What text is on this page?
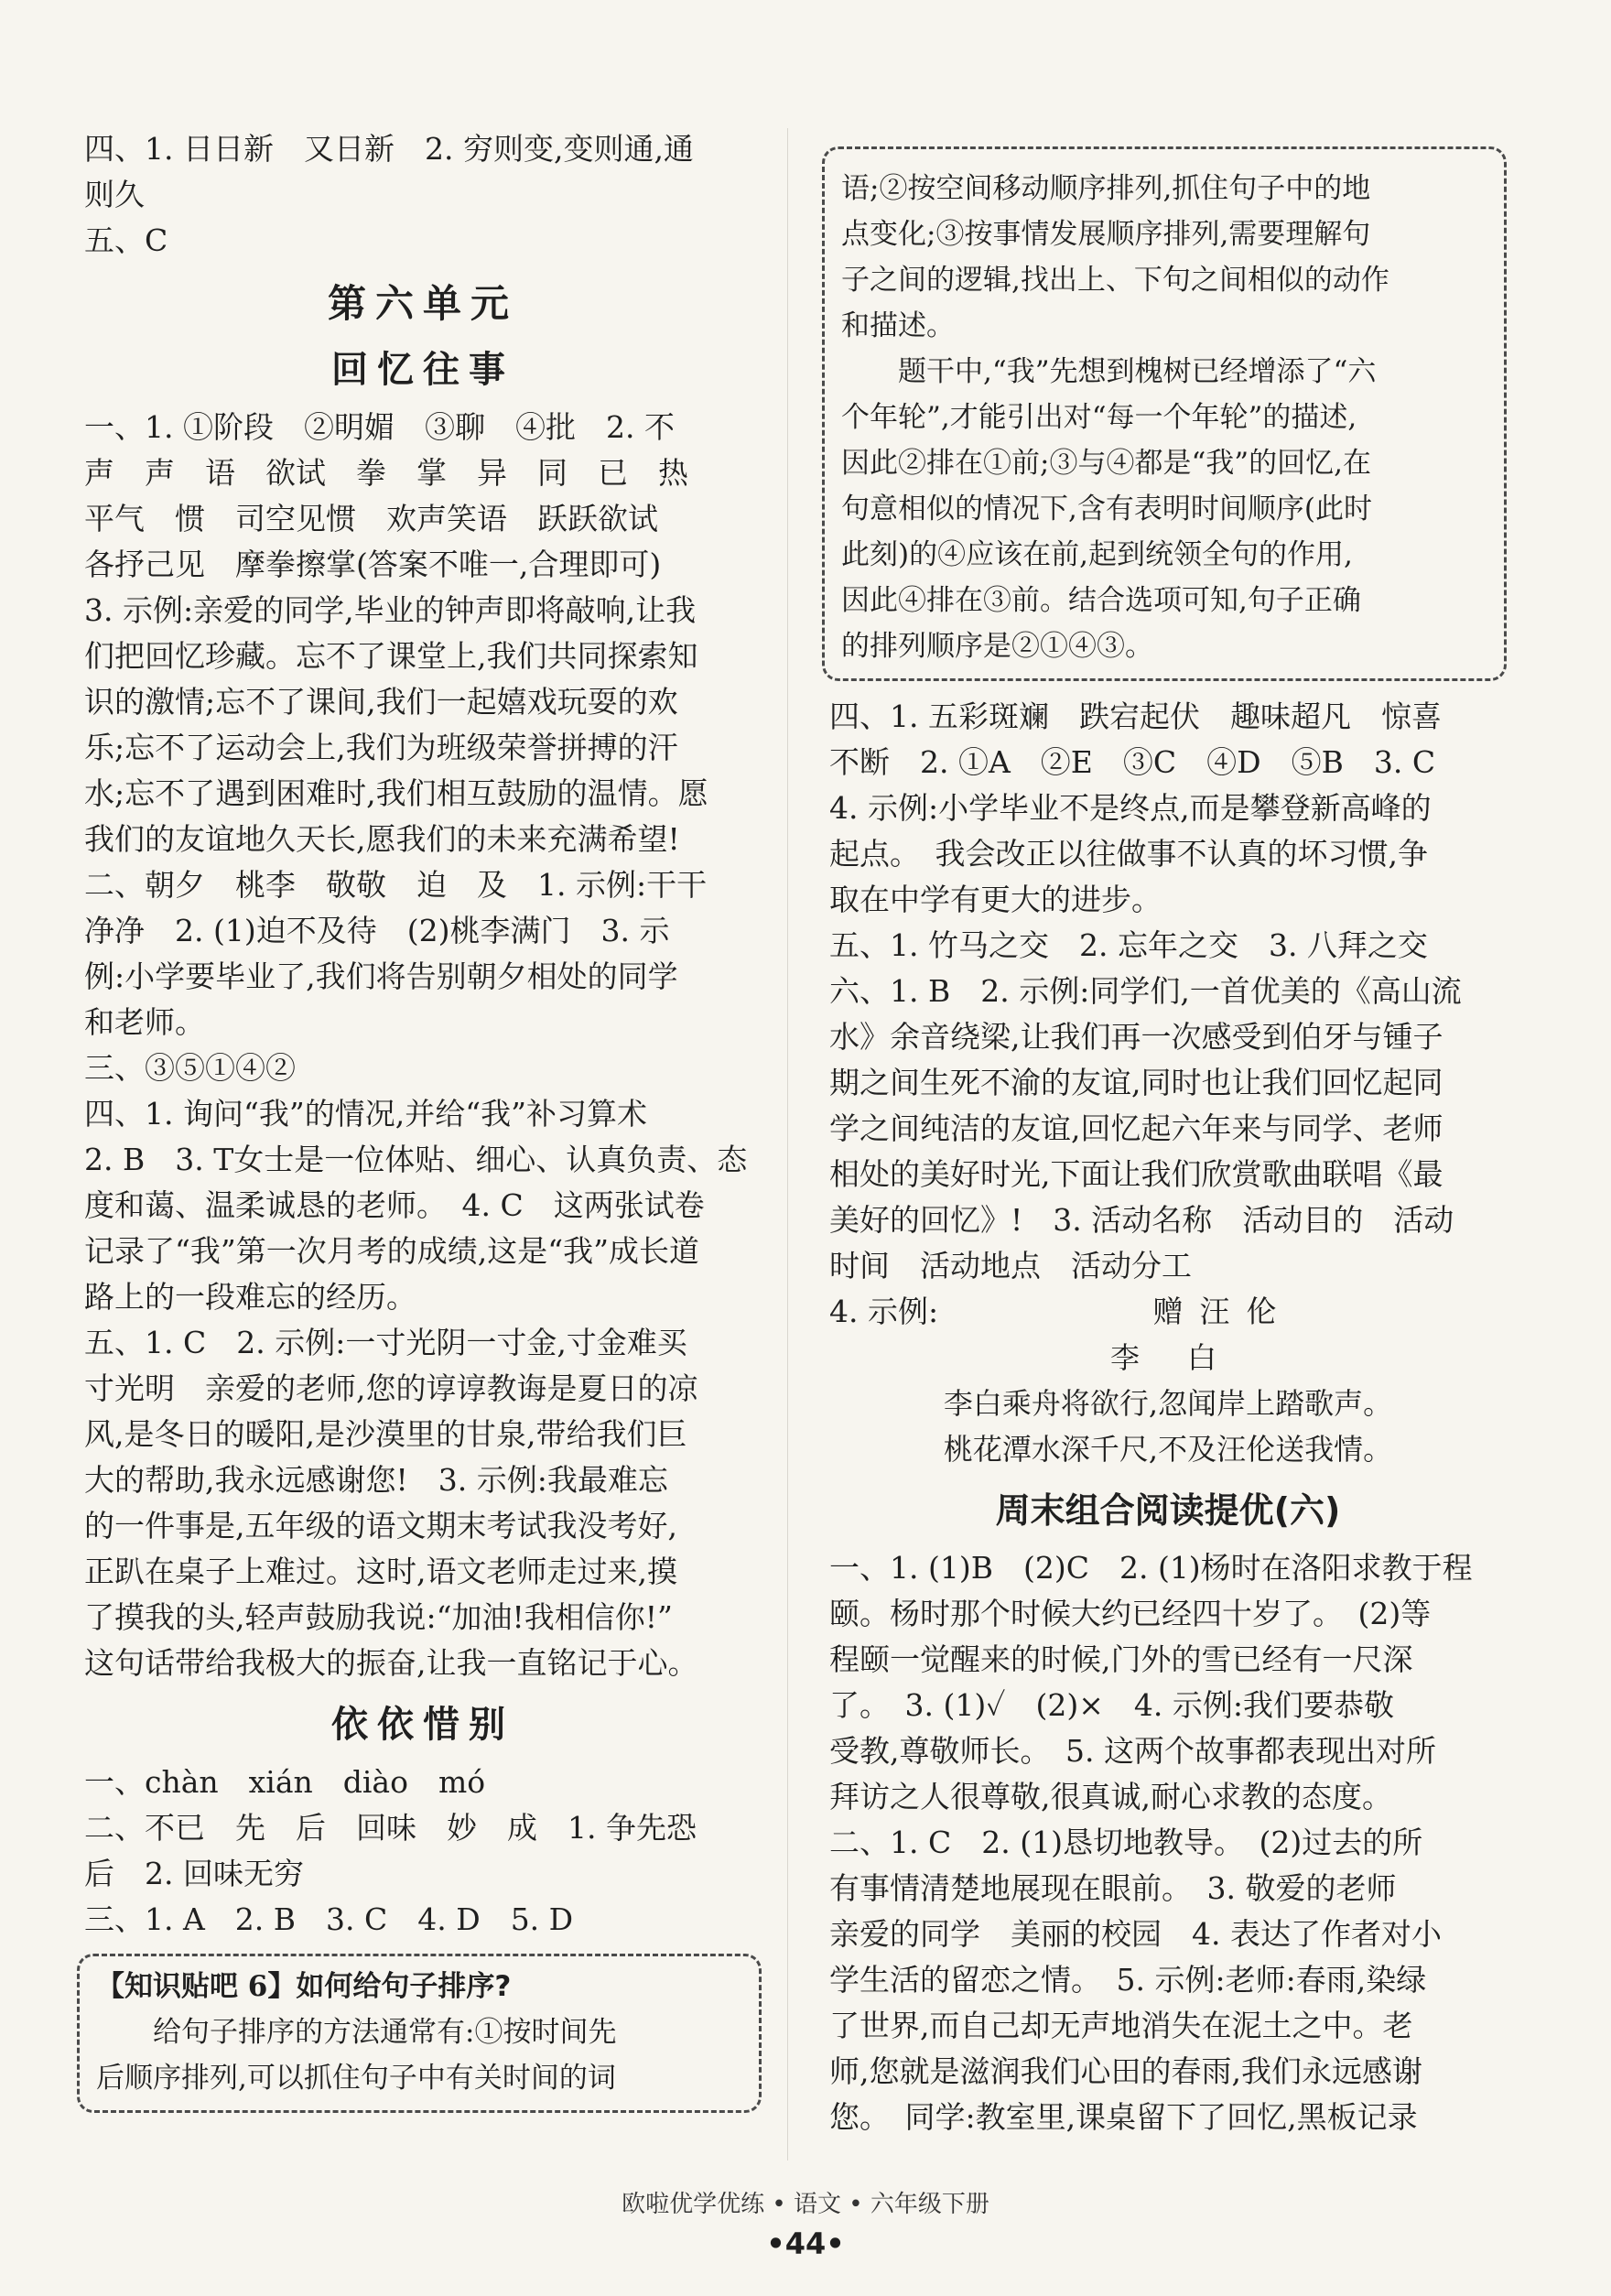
四、1. 日日新　又日新　2. 穷则变,变则通,通
则久
五、C
第六单元
回忆往事
一、1. ①阶段　②明媚　③聊　④批　2. 不
声　声　语　欲试　拳　掌　异　同　已　热
平气　惯　司空见惯　欢声笑语　跃跃欲试
各抒己见　摩拳擦掌(答案不唯一,合理即可)
3. 示例:亲爱的同学,毕业的钟声即将敲响,让我
们把回忆珍藏。忘不了课堂上,我们共同探索知
识的激情;忘不了课间,我们一起嬉戏玩耍的欢
乐;忘不了运动会上,我们为班级荣誉拼搏的汗
水;忘不了遇到困难时,我们相互鼓励的温情。愿
我们的友谊地久天长,愿我们的未来充满希望!
二、朝夕　桃李　敬敬　迫　及　1. 示例:干干
净净　2. (1)迫不及待　(2)桃李满门　3. 示
例:小学要毕业了,我们将告别朝夕相处的同学
和老师。
三、③⑤①④②
四、1. 询问“我”的情况,并给“我”补习算术
2. B　3. T女士是一位体贴、细心、认真负责、态
度和蔼、温柔诚恳的老师。　4. C　这两张试卷
记录了“我”第一次月考的成绩,这是“我”成长道
路上的一段难忘的经历。
五、1. C　2. 示例:一寸光阴一寸金,寸金难买
寸光明　亲爱的老师,您的谆谆教诲是夏日的凉
风,是冬日的暖阳,是沙漠里的甘泉,带给我们巨
大的帮助,我永远感谢您!　3. 示例:我最难忘
的一件事是,五年级的语文期末考试我没考好,
正趴在桌子上难过。这时,语文老师走过来,摸
了摸我的头,轻声鼓励我说:“加油!我相信你!”
这句话带给我极大的振奋,让我一直铭记于心。
依依惜别
一、chàn　xián　diào　mó
二、不已　先　后　回味　妙　成　1. 争先恐
后　2. 回味无穷
三、1. A　2. B　3. C　4. D　5. D
【知识贴吧 6】如何给句子排序?
给句子排序的方法通常有:①按时间先
后顺序排列,可以抓住句子中有关时间的词
语;②按空间移动顺序排列,抓住句子中的地
点变化;③按事情发展顺序排列,需要理解句
子之间的逻辑,找出上、下句之间相似的动作
和描述。
题干中,“我”先想到槐树已经增添了“六
个年轮”,才能引出对“每一个年轮”的描述,
因此②排在①前;③与④都是“我”的回忆,在
句意相似的情况下,含有表明时间顺序(此时
此刻)的④应该在前,起到统领全句的作用,
因此④排在③前。结合选项可知,句子正确
的排列顺序是②①④③。
四、1. 五彩斑斓　跌宕起伏　趣味超凡　惊喜
不断　2. ①A　②E　③C　④D　⑤B　3. C
4. 示例:小学毕业不是终点,而是攀登新高峰的
起点。　我会改正以往做事不认真的坏习惯,争
取在中学有更大的进步。
五、1. 竹马之交　2. 忘年之交　3. 八拜之交
六、1. B　2. 示例:同学们,一首优美的《高山流
水》余音绕梁,让我们再一次感受到伯牙与锺子
期之间生死不渝的友谊,同时也让我们回忆起同
学之间纯洁的友谊,回忆起六年来与同学、老师
相处的美好时光,下面让我们欣赏歌曲联唱《最
美好的回忆》!　3. 活动名称　活动目的　活动
时间　活动地点　活动分工
4. 示例:	赠汪伦
李　白
李白乘舟将欲行,忽闻岸上踏歌声。
桃花潭水深千尺,不及汪伦送我情。
周末组合阅读提优(六)
一、1. (1)B　(2)C　2. (1)杨时在洛阳求教于程
颐。杨时那个时候大约已经四十岁了。　(2)等
程颐一觉醒来的时候,门外的雪已经有一尺深
了。　3. (1)✓　(2)×　4. 示例:我们要恭敬
受教,尊敬师长。　5. 这两个故事都表现出对所
拜访之人很尊敬,很真诚,耐心求教的态度。
二、1. C　2. (1)恳切地教导。　(2)过去的所
有事情清楚地展现在眼前。　3. 敬爱的老师
亲爱的同学　美丽的校园　4. 表达了作者对小
学生活的留恋之情。　5. 示例:老师:春雨,染绿
了世界,而自己却无声地消失在泥土之中。老
师,您就是滋润我们心田的春雨,我们永远感谢
您。　同学:教室里,课桌留下了回忆,黑板记录
欧啦优学优练 • 语文 • 六年级下册
•44•
